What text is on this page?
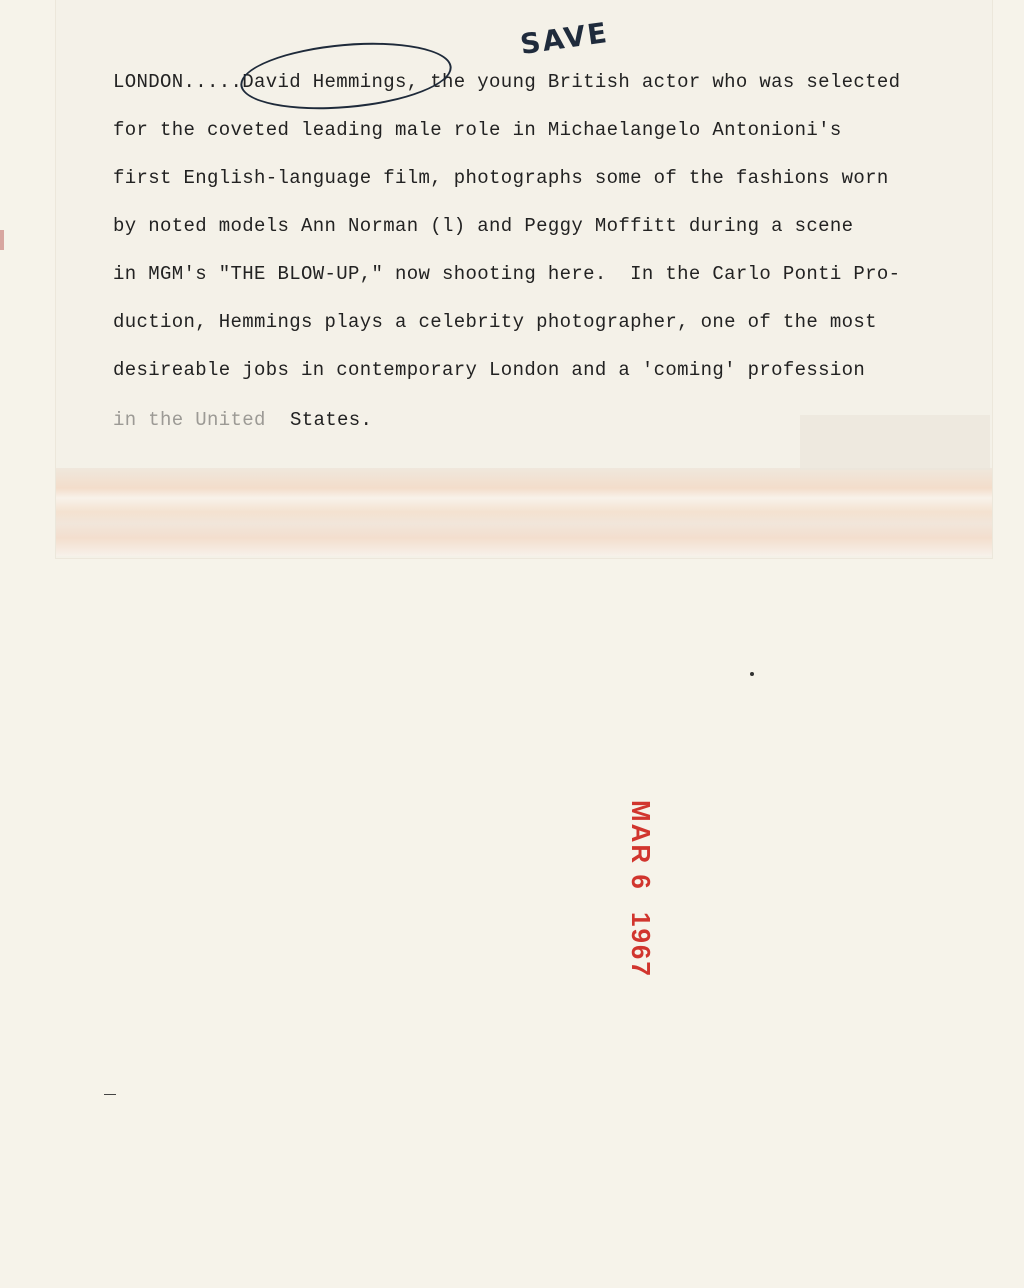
LONDON.....David Hemmings, the young British actor who was selected
for the coveted leading male role in Michaelangelo Antonioni's
first English-language film, photographs some of the fashions worn
by noted models Ann Norman (l) and Peggy Moffitt during a scene
in MGM's "THE BLOW-UP," now shooting here.  In the Carlo Ponti Pro-
duction, Hemmings plays a celebrity photographer, one of the most
desireable jobs in contemporary London and a 'coming' profession
in the United States.
SAVE
MAR 6
1967
